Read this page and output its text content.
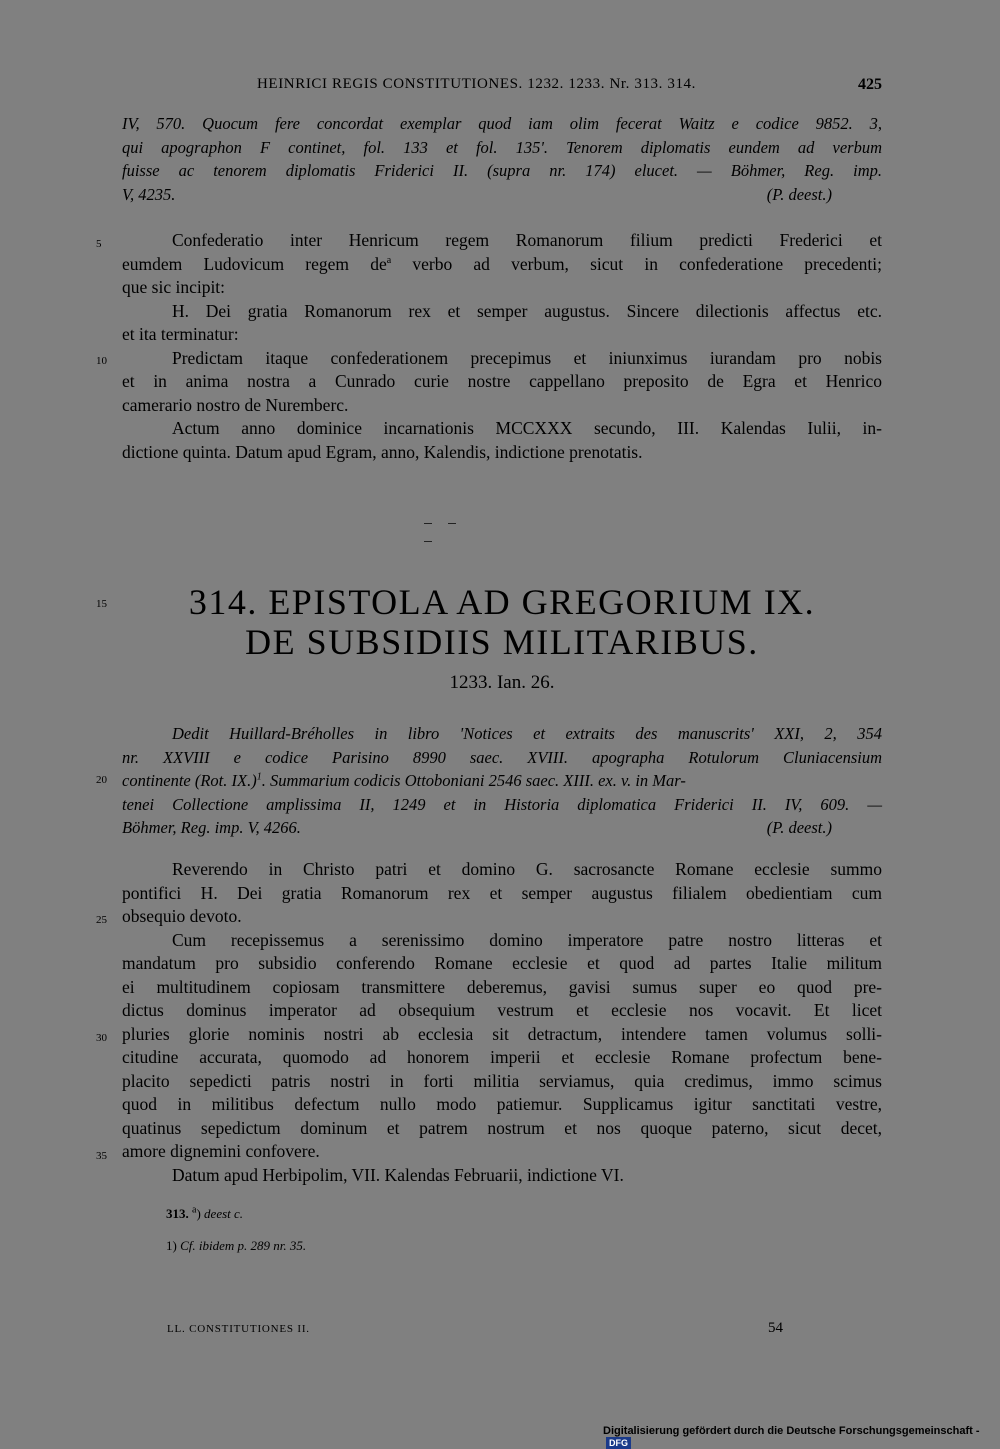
HEINRICI REGIS CONSTITUTIONES. 1232. 1233. Nr. 313. 314.	425
IV, 570. Quocum fere concordat exemplar quod iam olim fecerat Waitz e codice 9852. 3,
qui apographon F continet, fol. 133 et fol. 135'. Tenorem diplomatis eundem ad verbum
fuisse ac tenorem diplomatis Friderici II. (supra nr. 174) elucet. — Böhmer, Reg. imp.
V, 4235.	(P. deest.)
5
10
15
20
25
30
35
Confederatio inter Henricum regem Romanorum filium predicti Frederici et
eumdem Ludovicum regem $de^a$ verbo ad verbum, sicut in confederatione precedenti;
que sic incipit:
H. Dei gratia Romanorum rex et semper augustus. Sincere dilectionis affectus etc.
et ita terminatur:
Predictam itaque confederationem precepimus et iniunximus iurandam pro nobis
et in anima nostra a Cunrado curie nostre cappellano preposito de Egra et Henrico
camerario nostro de Nuremberc.
Actum anno dominice incarnationis MCCXXX secundo, III. Kalendas Iulii, in-
dictione quinta. Datum apud Egram, anno, Kalendis, indictione prenotatis.
314. EPISTOLA AD GREGORIUM IX.
DE SUBSIDIIS MILITARIBUS.
1233. Ian. 26.
Dedit Huillard-Bréholles in libro 'Notices et extraits des manuscrits' XXI, 2, 354
nr. XXVIII e codice Parisino 8990 saec. XVIII. apographa Rotulorum Cluniacensium
continente (Rot. IX.)$^1$. Summarium codicis Ottoboniani 2546 saec. XIII. ex. v. in Mar-
tenei Collectione amplissima II, 1249 et in Historia diplomatica Friderici II. IV, 609. —
Böhmer, Reg. imp. V, 4266.	(P. deest.)
Reverendo in Christo patri et domino G. sacrosancte Romane ecclesie summo
pontifici H. Dei gratia Romanorum rex et semper augustus filialem obedientiam cum
obsequio devoto.
Cum recepissemus a serenissimo domino imperatore patre nostro litteras et
mandatum pro subsidio conferendo Romane ecclesie et quod ad partes Italie militum
ei multitudinem copiosam transmittere deberemus, gavisi sumus super eo quod pre-
dictus dominus imperator ad obsequium vestrum et ecclesie nos vocavit. Et licet
pluries glorie nominis nostri ab ecclesia sit detractum, intendere tamen volumus solli-
citudine accurata, quomodo ad honorem imperii et ecclesie Romane profectum bene-
placito sepedicti patris nostri in forti militia serviamus, quia credimus, immo scimus
quod in militibus defectum nullo modo patiemur. Supplicamus igitur sanctitati vestre,
quatinus sepedictum dominum et patrem nostrum et nos quoque paterno, sicut decet,
amore dignemini confovere.
Datum apud Herbipolim, VII. Kalendas Februarii, indictione VI.
313. $^a$) deest c.
1) Cf. ibidem p. 289 nr. 35.
LL. CONSTITUTIONES II.	54
Digitalisierung gefördert durch die Deutsche Forschungsgemeinschaft -DFG
